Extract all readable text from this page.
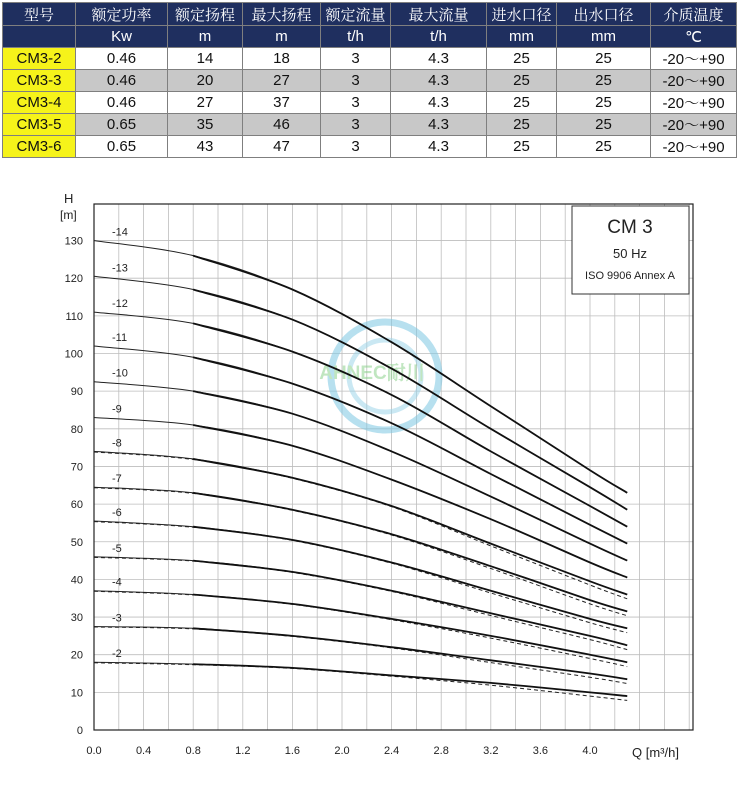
型号	额定功率	额定扬程	最大扬程	额定流量	最大流量	进水口径	出水口径	介质温度
	Kw	m	m	t/h	t/h	mm	mm	℃
CM3-2	0.46	14	18	3	4.3	25	25	-20～+90
CM3-3	0.46	20	27	3	4.3	25	25	-20～+90
CM3-4	0.46	27	37	3	4.3	25	25	-20～+90
CM3-5	0.65	35	46	3	4.3	25	25	-20～+90
CM3-6	0.65	43	47	3	4.3	25	25	-20～+90
0.0	0.4	0.8	1.2	1.6	2.0	2.4	2.8	3.2	3.6	4.0
0
10
20
30
40
50
60
70
80
90
100
110
120
130
AHNEC耐川
-14
-13
-12
-11
-10
-9
-8
-7
-6
-5
-4
-3
-2
CM 3
50 Hz
ISO 9906 Annex A
H
[m]
Q [m³/h]
